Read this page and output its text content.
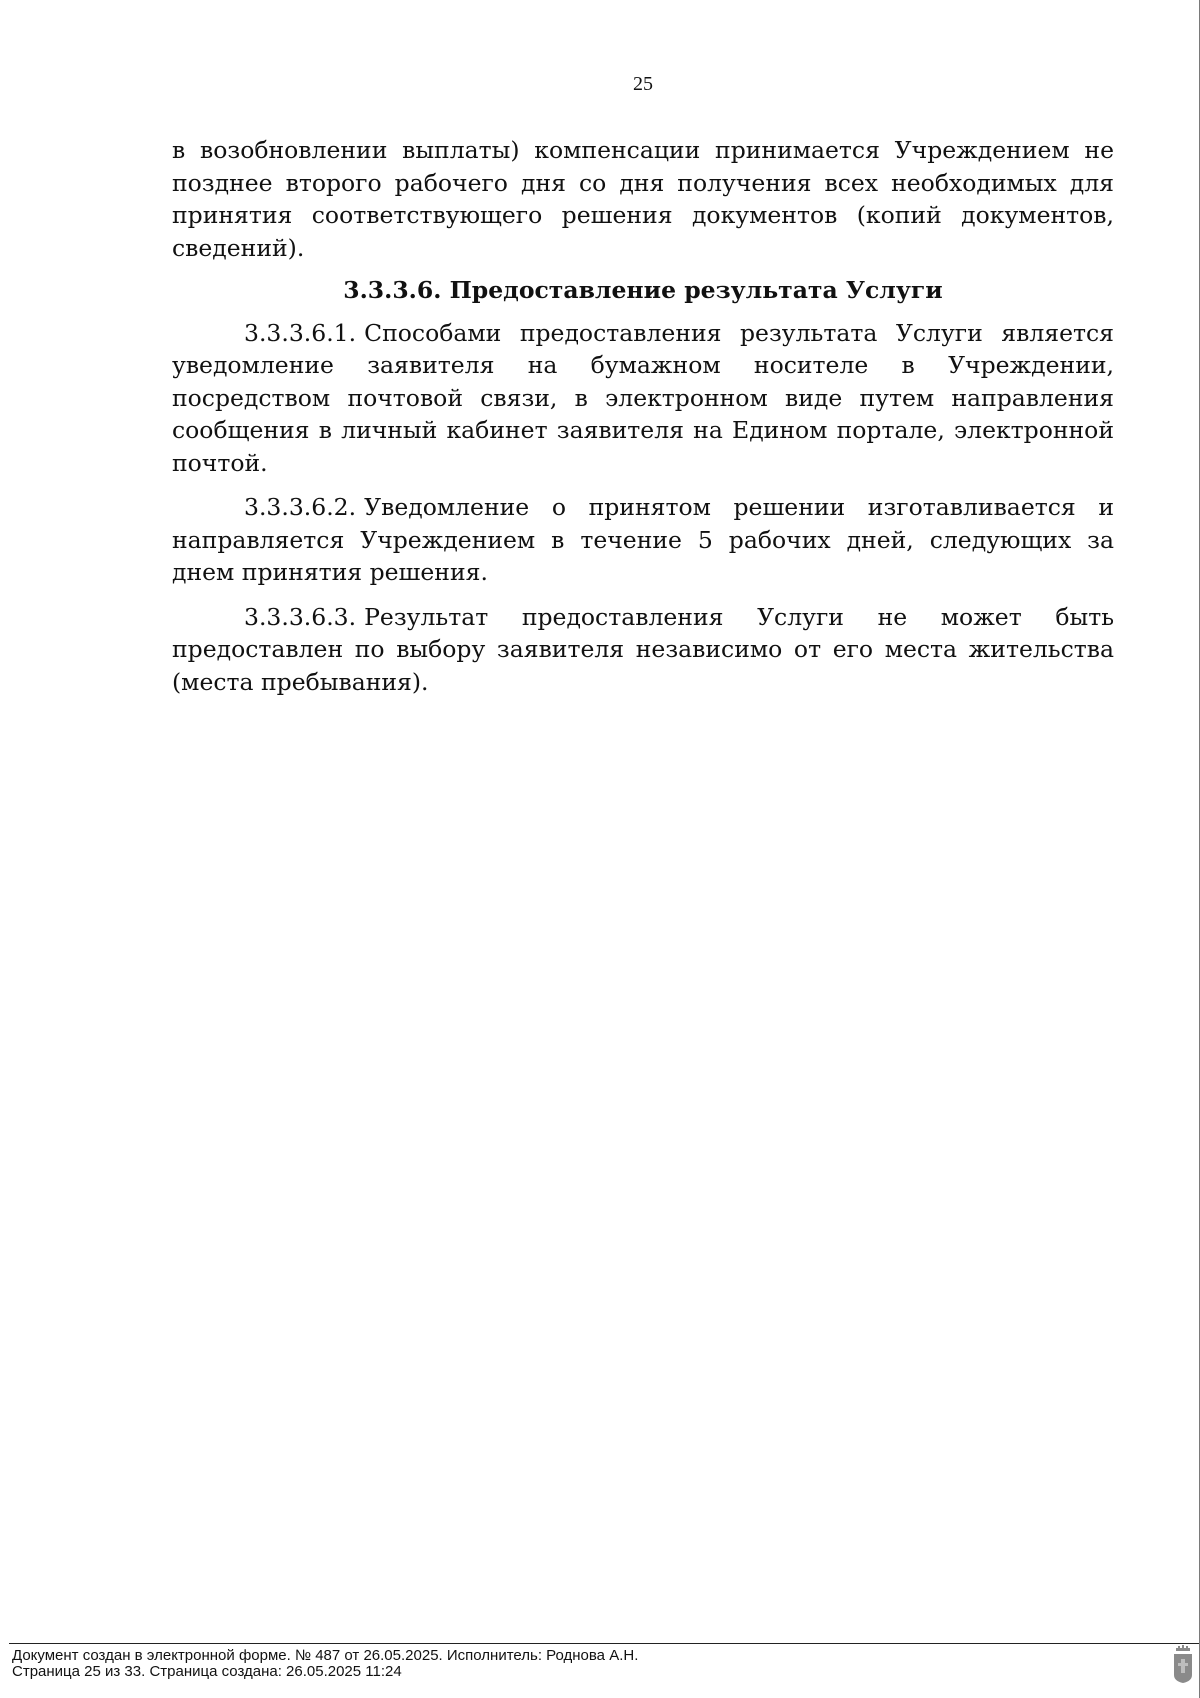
25

в возобновлении выплаты) компенсации принимается Учреждением не позднее второго рабочего дня со дня получения всех необходимых для принятия соответствующего решения документов (копий документов, сведений).

3.3.3.6. Предоставление результата Услуги

3.3.3.6.1. Способами предоставления результата Услуги является уведомление заявителя на бумажном носителе в Учреждении, посредством почтовой связи, в электронном виде путем направления сообщения в личный кабинет заявителя на Едином портале, электронной почтой.

3.3.3.6.2. Уведомление о принятом решении изготавливается и направляется Учреждением в течение 5 рабочих дней, следующих за днем принятия решения.

3.3.3.6.3. Результат предоставления Услуги не может быть предоставлен по выбору заявителя независимо от его места жительства (места пребывания).

Документ создан в электронной форме. № 487 от 26.05.2025. Исполнитель: Роднова А.Н.
Страница 25 из 33. Страница создана: 26.05.2025 11:24
